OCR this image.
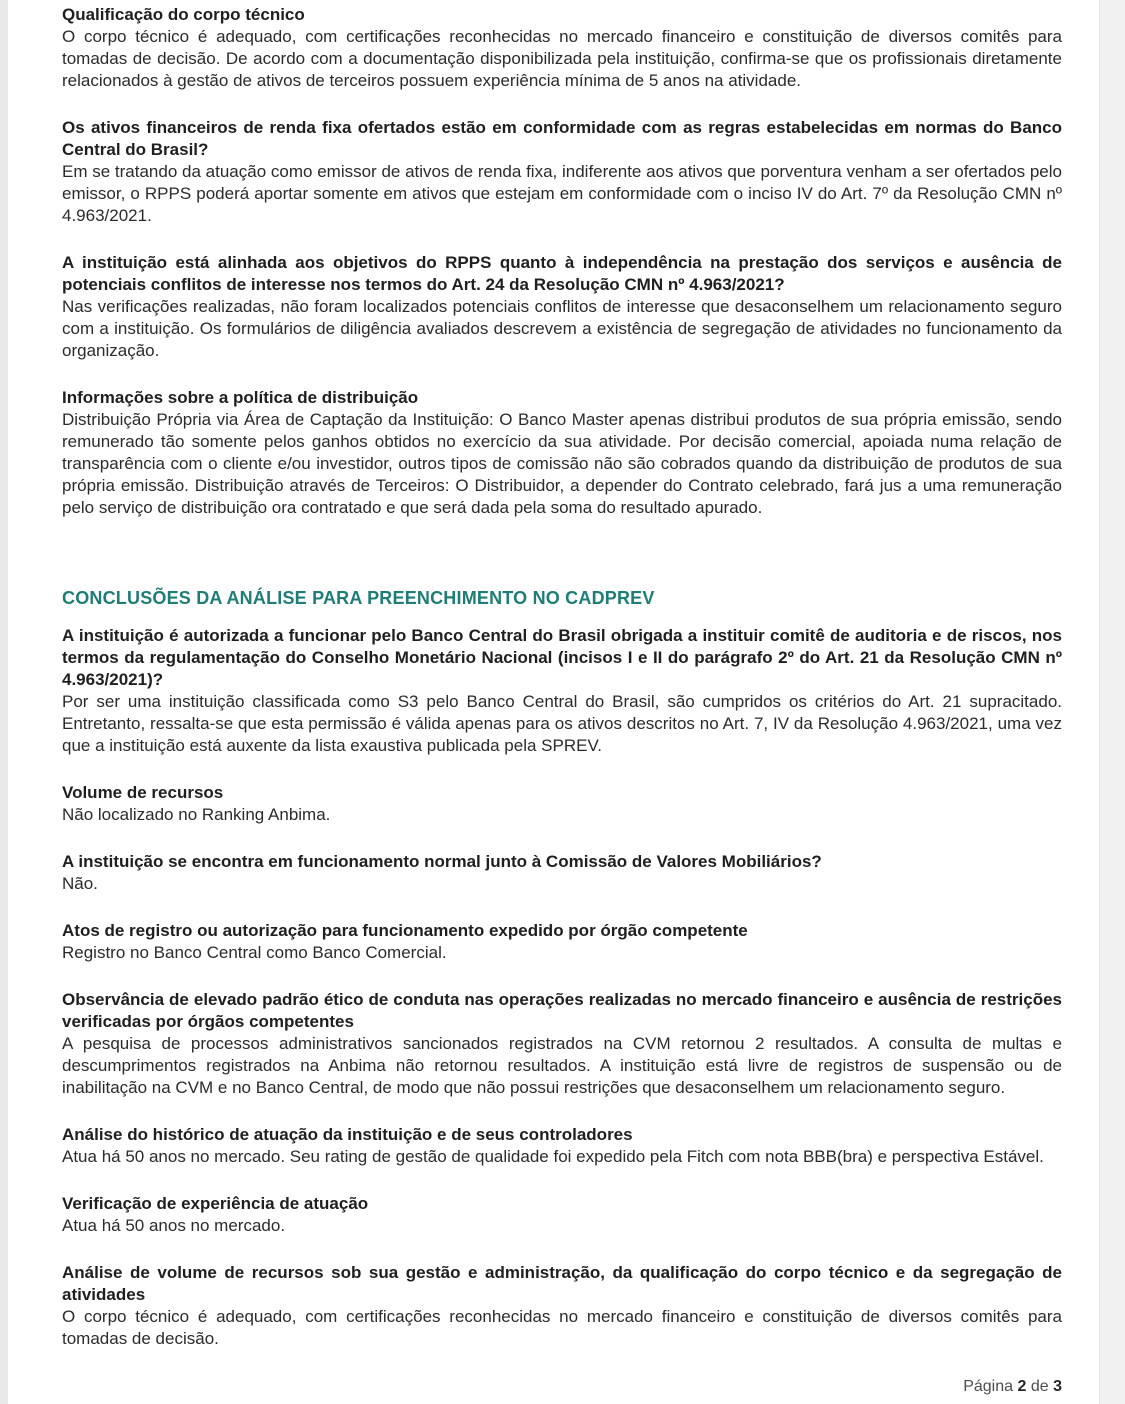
Qualificação do corpo técnico

O corpo técnico é adequado, com certificações reconhecidas no mercado financeiro e constituição de diversos comitês para tomadas de decisão. De acordo com a documentação disponibilizada pela instituição, confirma-se que os profissionais diretamente relacionados à gestão de ativos de terceiros possuem experiência mínima de 5 anos na atividade.

Os ativos financeiros de renda fixa ofertados estão em conformidade com as regras estabelecidas em normas do Banco Central do Brasil?

Em se tratando da atuação como emissor de ativos de renda fixa, indiferente aos ativos que porventura venham a ser ofertados pelo emissor, o RPPS poderá aportar somente em ativos que estejam em conformidade com o inciso IV do Art. 7º da Resolução CMN nº 4.963/2021.

A instituição está alinhada aos objetivos do RPPS quanto à independência na prestação dos serviços e ausência de potenciais conflitos de interesse nos termos do Art. 24 da Resolução CMN nº 4.963/2021?

Nas verificações realizadas, não foram localizados potenciais conflitos de interesse que desaconselhem um relacionamento seguro com a instituição. Os formulários de diligência avaliados descrevem a existência de segregação de atividades no funcionamento da organização.

Informações sobre a política de distribuição

Distribuição Própria via Área de Captação da Instituição: O Banco Master apenas distribui produtos de sua própria emissão, sendo remunerado tão somente pelos ganhos obtidos no exercício da sua atividade. Por decisão comercial, apoiada numa relação de transparência com o cliente e/ou investidor, outros tipos de comissão não são cobrados quando da distribuição de produtos de sua própria emissão. Distribuição através de Terceiros: O Distribuidor, a depender do Contrato celebrado, fará jus a uma remuneração pelo serviço de distribuição ora contratado e que será dada pela soma do resultado apurado.

CONCLUSÕES DA ANÁLISE PARA PREENCHIMENTO NO CADPREV

A instituição é autorizada a funcionar pelo Banco Central do Brasil obrigada a instituir comitê de auditoria e de riscos, nos termos da regulamentação do Conselho Monetário Nacional (incisos I e II do parágrafo 2º do Art. 21 da Resolução CMN nº 4.963/2021)?

Por ser uma instituição classificada como S3 pelo Banco Central do Brasil, são cumpridos os critérios do Art. 21 supracitado. Entretanto, ressalta-se que esta permissão é válida apenas para os ativos descritos no Art. 7, IV da Resolução 4.963/2021, uma vez que a instituição está auxente da lista exaustiva publicada pela SPREV.

Volume de recursos

Não localizado no Ranking Anbima.

A instituição se encontra em funcionamento normal junto à Comissão de Valores Mobiliários?

Não.

Atos de registro ou autorização para funcionamento expedido por órgão competente

Registro no Banco Central como Banco Comercial.

Observância de elevado padrão ético de conduta nas operações realizadas no mercado financeiro e ausência de restrições verificadas por órgãos competentes

A pesquisa de processos administrativos sancionados registrados na CVM retornou 2 resultados. A consulta de multas e descumprimentos registrados na Anbima não retornou resultados. A instituição está livre de registros de suspensão ou de inabilitação na CVM e no Banco Central, de modo que não possui restrições que desaconselhem um relacionamento seguro.

Análise do histórico de atuação da instituição e de seus controladores

Atua há 50 anos no mercado. Seu rating de gestão de qualidade foi expedido pela Fitch com nota BBB(bra) e perspectiva Estável.

Verificação de experiência de atuação

Atua há 50 anos no mercado.

Análise de volume de recursos sob sua gestão e administração, da qualificação do corpo técnico e da segregação de atividades

O corpo técnico é adequado, com certificações reconhecidas no mercado financeiro e constituição de diversos comitês para tomadas de decisão.

Página 2 de 3
